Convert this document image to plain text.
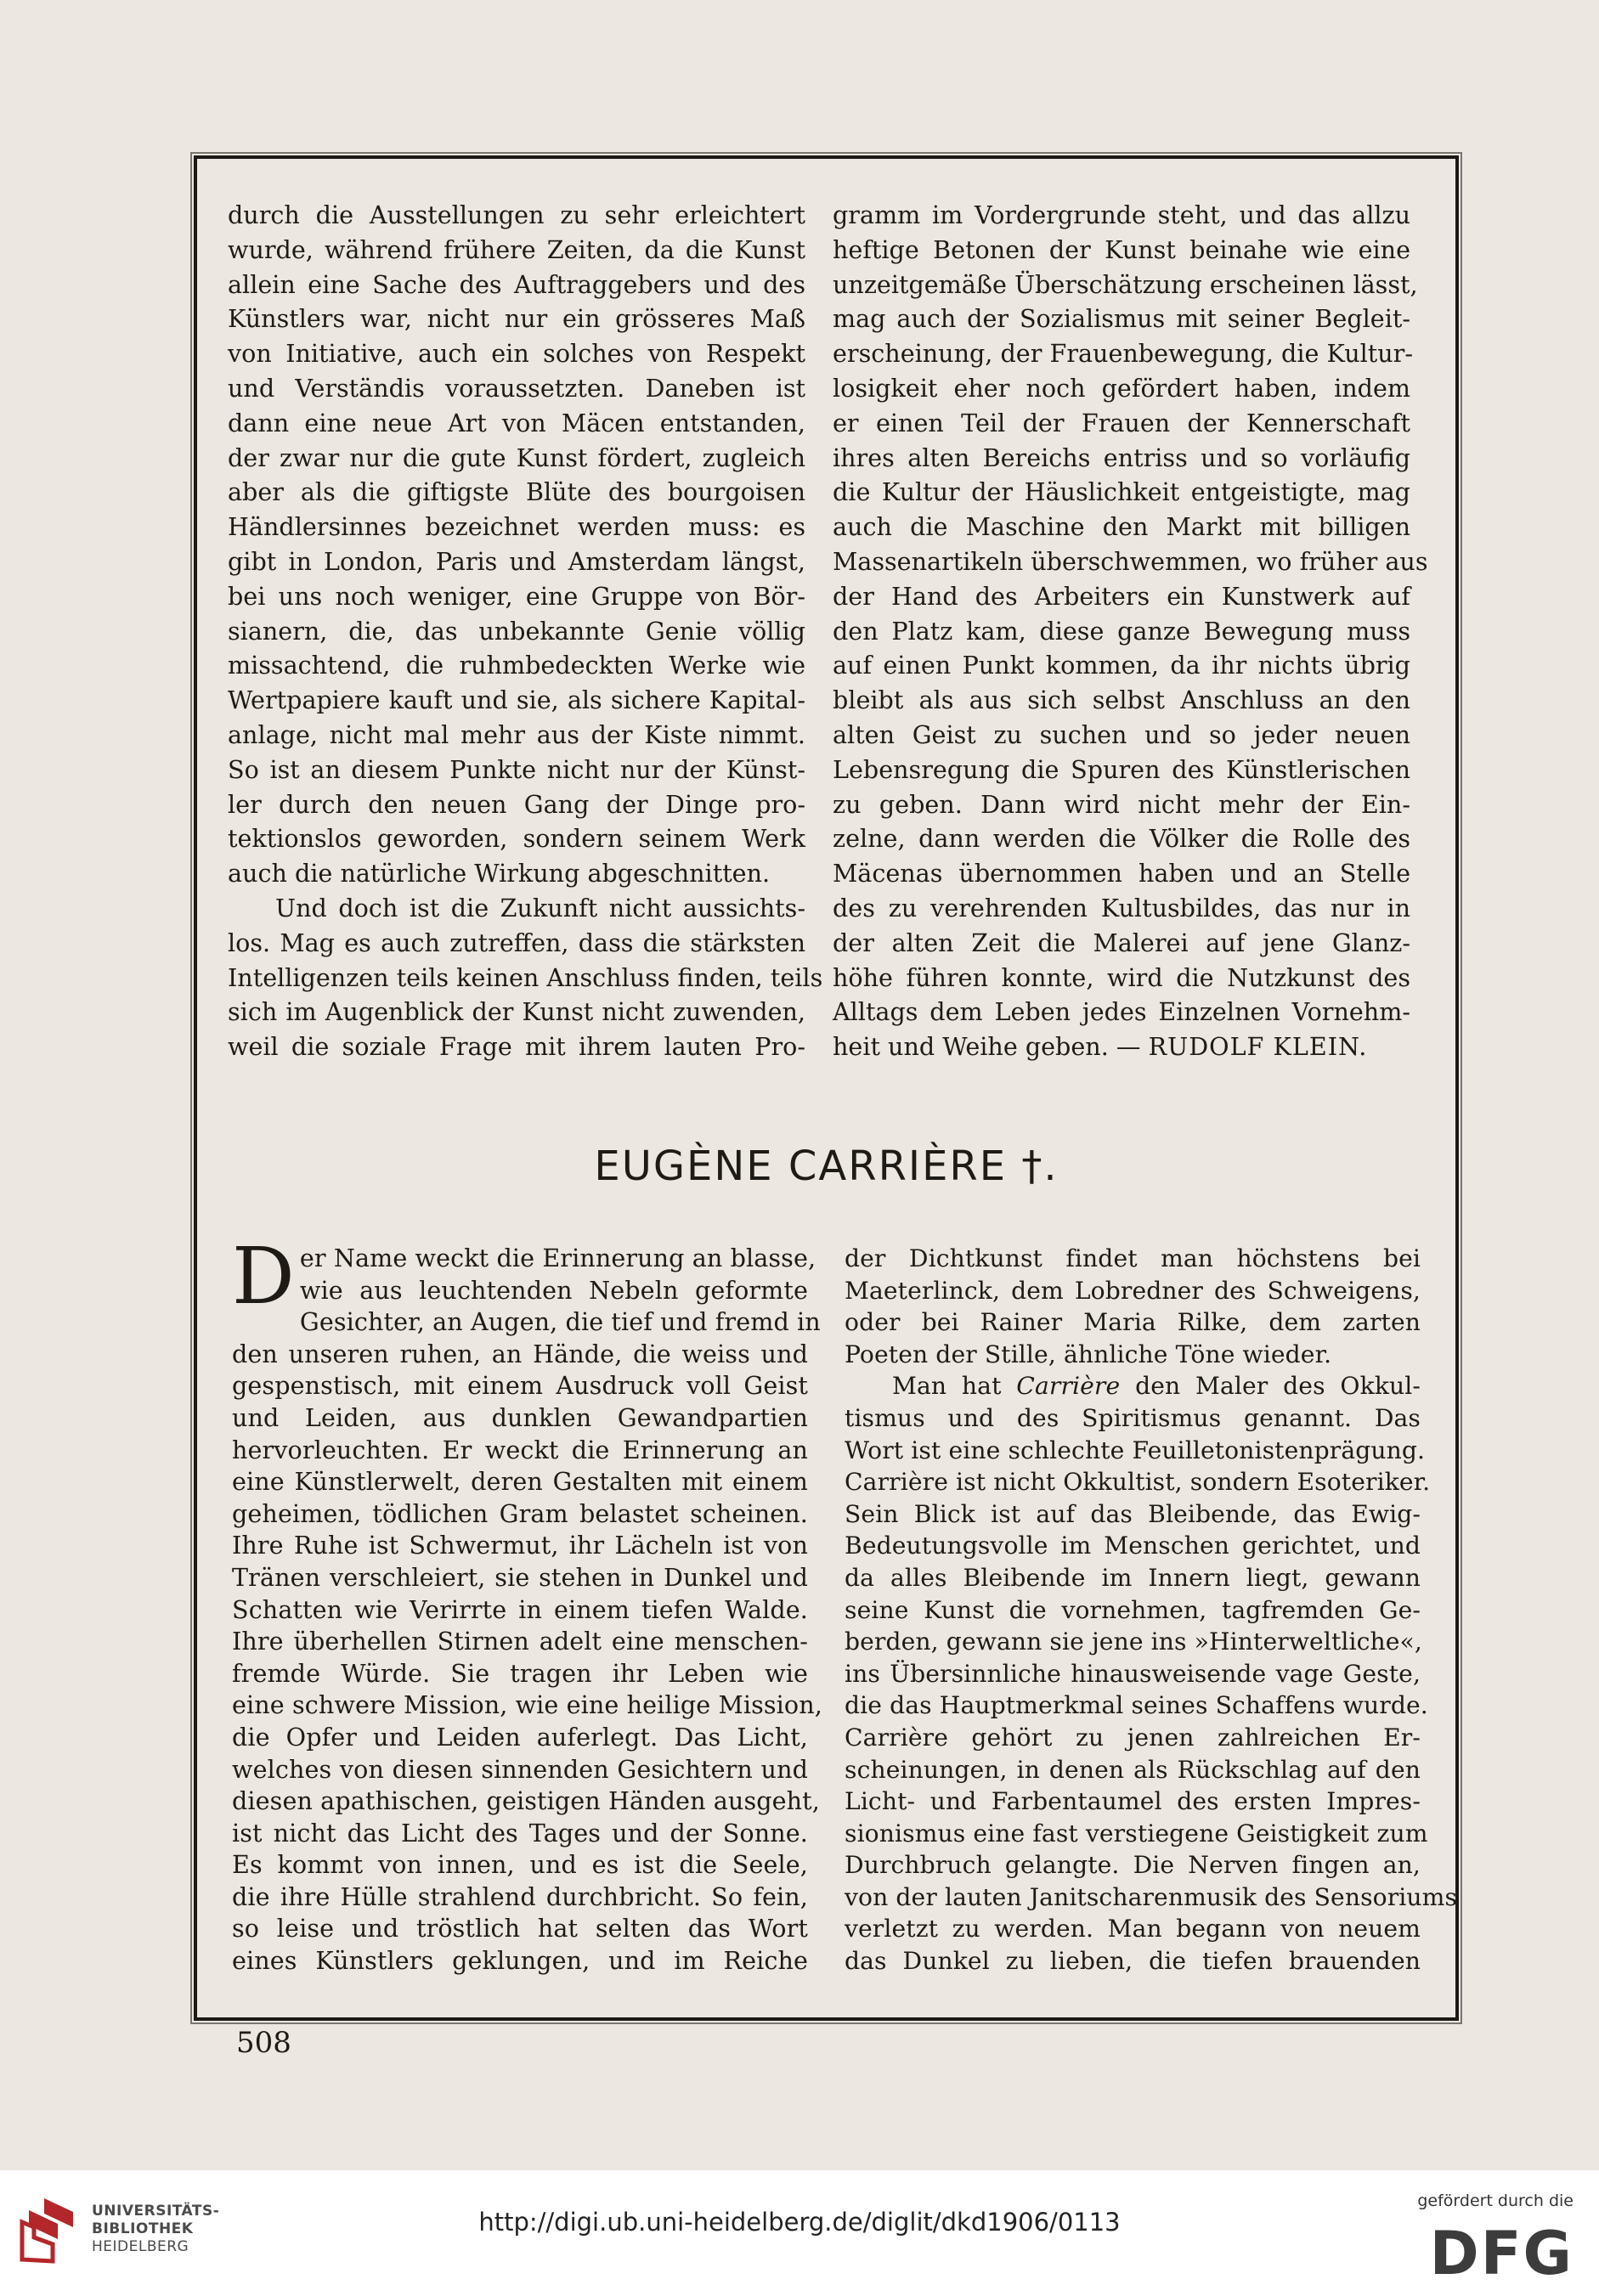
durch die Ausstellungen zu sehr erleichtert

wurde, während frühere Zeiten, da die Kunst

allein eine Sache des Auftraggebers und des

Künstlers war, nicht nur ein grösseres Maß

von Initiative, auch ein solches von Respekt

und Verständis voraussetzten. Daneben ist

dann eine neue Art von Mäcen entstanden,

der zwar nur die gute Kunst fördert, zugleich

aber als die giftigste Blüte des bourgoisen

Händlersinnes bezeichnet werden muss: es

gibt in London, Paris und Amsterdam längst,

bei uns noch weniger, eine Gruppe von Bör-

sianern, die, das unbekannte Genie völlig

missachtend, die ruhmbedeckten Werke wie

Wertpapiere kauft und sie, als sichere Kapital-

anlage, nicht mal mehr aus der Kiste nimmt.

So ist an diesem Punkte nicht nur der Künst-

ler durch den neuen Gang der Dinge pro-

tektionslos geworden, sondern seinem Werk

auch die natürliche Wirkung abgeschnitten.

Und doch ist die Zukunft nicht aussichts-

los. Mag es auch zutreffen, dass die stärksten

Intelligenzen teils keinen Anschluss finden, teils

sich im Augenblick der Kunst nicht zuwenden,

weil die soziale Frage mit ihrem lauten Pro-

gramm im Vordergrunde steht, und das allzu

heftige Betonen der Kunst beinahe wie eine

unzeitgemäße Überschätzung erscheinen lässt,

mag auch der Sozialismus mit seiner Begleit-

erscheinung, der Frauenbewegung, die Kultur-

losigkeit eher noch gefördert haben, indem

er einen Teil der Frauen der Kennerschaft

ihres alten Bereichs entriss und so vorläufig

die Kultur der Häuslichkeit entgeistigte, mag

auch die Maschine den Markt mit billigen

Massenartikeln überschwemmen, wo früher aus

der Hand des Arbeiters ein Kunstwerk auf

den Platz kam, diese ganze Bewegung muss

auf einen Punkt kommen, da ihr nichts übrig

bleibt als aus sich selbst Anschluss an den

alten Geist zu suchen und so jeder neuen

Lebensregung die Spuren des Künstlerischen

zu geben. Dann wird nicht mehr der Ein-

zelne, dann werden die Völker die Rolle des

Mäcenas übernommen haben und an Stelle

des zu verehrenden Kultusbildes, das nur in

der alten Zeit die Malerei auf jene Glanz-

höhe führen konnte, wird die Nutzkunst des

Alltags dem Leben jedes Einzelnen Vornehm-

heit und Weihe geben. — RUDOLF KLEIN.

EUGÈNE CARRIÈRE †.

Der Name weckt die Erinnerung an blasse,

wie aus leuchtenden Nebeln geformte

Gesichter, an Augen, die tief und fremd in

den unseren ruhen, an Hände, die weiss und

gespenstisch, mit einem Ausdruck voll Geist

und Leiden, aus dunklen Gewandpartien

hervorleuchten. Er weckt die Erinnerung an

eine Künstlerwelt, deren Gestalten mit einem

geheimen, tödlichen Gram belastet scheinen.

Ihre Ruhe ist Schwermut, ihr Lächeln ist von

Tränen verschleiert, sie stehen in Dunkel und

Schatten wie Verirrte in einem tiefen Walde.

Ihre überhellen Stirnen adelt eine menschen-

fremde Würde. Sie tragen ihr Leben wie

eine schwere Mission, wie eine heilige Mission,

die Opfer und Leiden auferlegt. Das Licht,

welches von diesen sinnenden Gesichtern und

diesen apathischen, geistigen Händen ausgeht,

ist nicht das Licht des Tages und der Sonne.

Es kommt von innen, und es ist die Seele,

die ihre Hülle strahlend durchbricht. So fein,

so leise und tröstlich hat selten das Wort

eines Künstlers geklungen, und im Reiche

der Dichtkunst findet man höchstens bei

Maeterlinck, dem Lobredner des Schweigens,

oder bei Rainer Maria Rilke, dem zarten

Poeten der Stille, ähnliche Töne wieder.

Man hat Carrière den Maler des Okkul-

tismus und des Spiritismus genannt. Das

Wort ist eine schlechte Feuilletonistenprägung.

Carrière ist nicht Okkultist, sondern Esoteriker.

Sein Blick ist auf das Bleibende, das Ewig-

Bedeutungsvolle im Menschen gerichtet, und

da alles Bleibende im Innern liegt, gewann

seine Kunst die vornehmen, tagfremden Ge-

berden, gewann sie jene ins »Hinterweltliche«,

ins Übersinnliche hinausweisende vage Geste,

die das Hauptmerkmal seines Schaffens wurde.

Carrière gehört zu jenen zahlreichen Er-

scheinungen, in denen als Rückschlag auf den

Licht- und Farbentaumel des ersten Impres-

sionismus eine fast verstiegene Geistigkeit zum

Durchbruch gelangte. Die Nerven fingen an,

von der lauten Janitscharenmusik des Sensoriums

verletzt zu werden. Man begann von neuem

das Dunkel zu lieben, die tiefen brauenden

508
UNIVERSITÄTS-
BIBLIOTHEK
HEIDELBERG
http://digi.ub.uni-heidelberg.de/diglit/dkd1906/0113
gefördert durch die
DFG
